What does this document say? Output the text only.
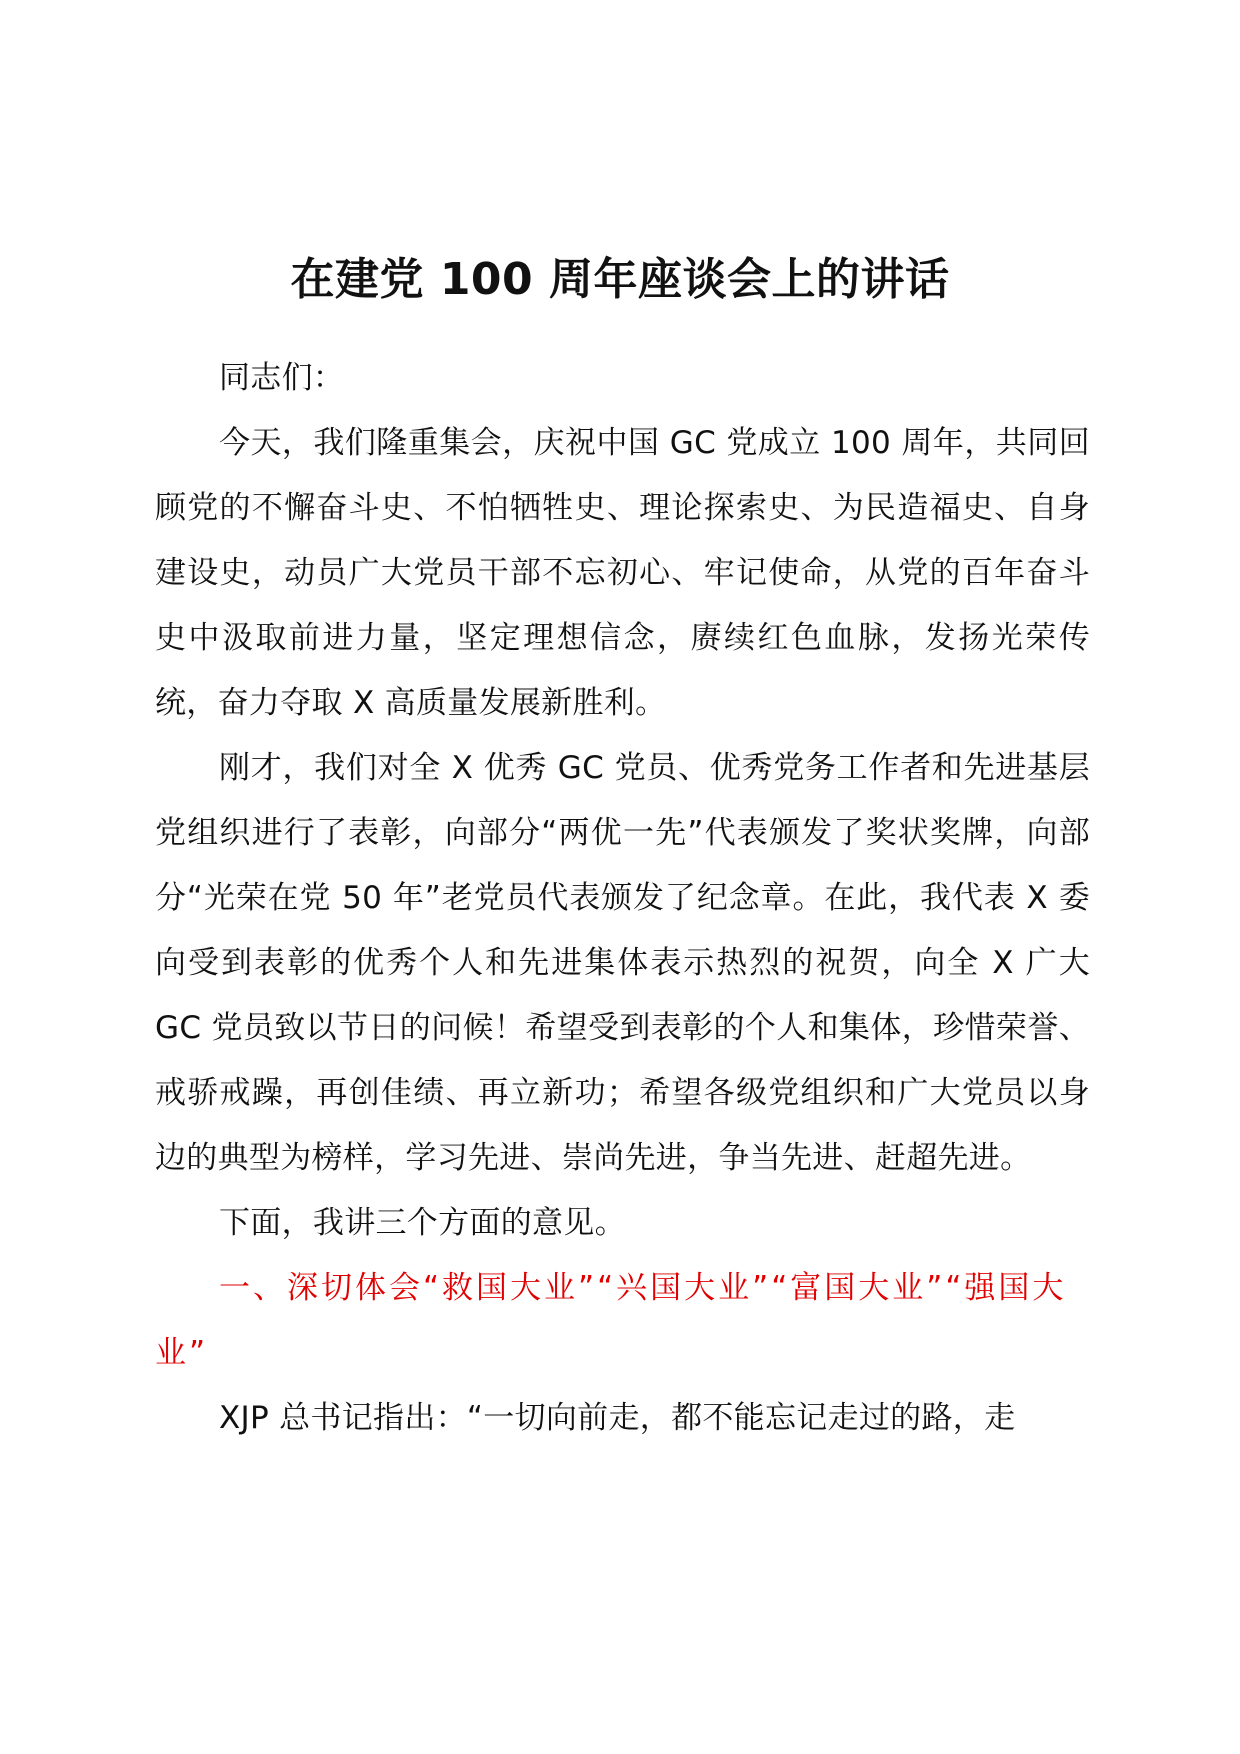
在建党 100 周年座谈会上的讲话

同志们：

今天，我们隆重集会，庆祝中国 GC 党成立 100 周年，共同回顾党的不懈奋斗史、不怕牺牲史、理论探索史、为民造福史、自身建设史，动员广大党员干部不忘初心、牢记使命，从党的百年奋斗史中汲取前进力量，坚定理想信念，赓续红色血脉，发扬光荣传统，奋力夺取 X 高质量发展新胜利。

刚才，我们对全 X 优秀 GC 党员、优秀党务工作者和先进基层党组织进行了表彰，向部分“两优一先”代表颁发了奖状奖牌，向部分“光荣在党 50 年”老党员代表颁发了纪念章。在此，我代表 X 委向受到表彰的优秀个人和先进集体表示热烈的祝贺，向全 X 广大 GC 党员致以节日的问候！希望受到表彰的个人和集体，珍惜荣誉、戒骄戒躁，再创佳绩、再立新功；希望各级党组织和广大党员以身边的典型为榜样，学习先进、崇尚先进，争当先进、赶超先进。

下面，我讲三个方面的意见。

一、深切体会“救国大业”“兴国大业”“富国大业”“强国大业”

XJP 总书记指出：“一切向前走，都不能忘记走过的路，走
